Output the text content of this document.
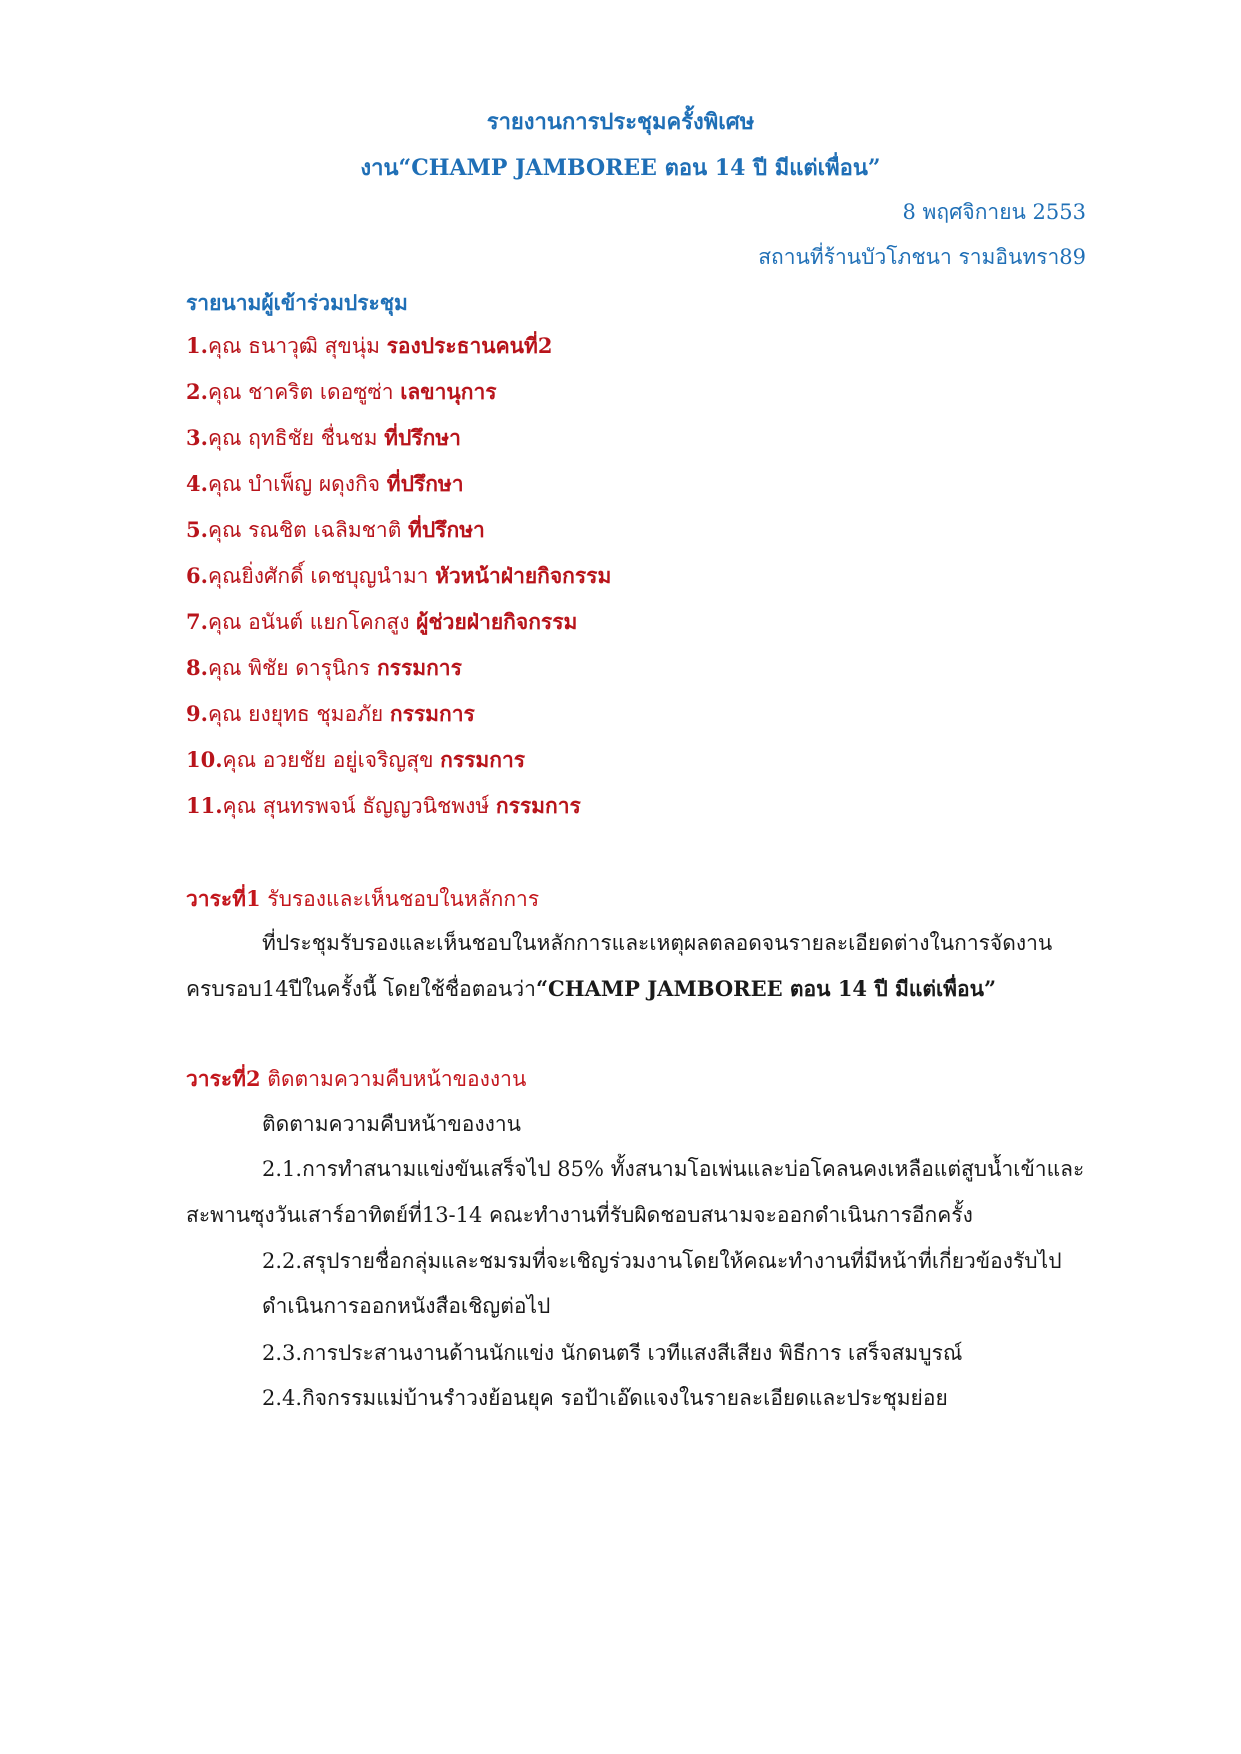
รายงานการประชุมครั้งพิเศษ
งาน“CHAMP JAMBOREE ตอน 14 ปี มีแต่เพื่อน”
8 พฤศจิกายน 2553
สถานที่ร้านบัวโภชนา รามอินทรา89
รายนามผู้เข้าร่วมประชุม
1.คุณ ธนาวุฒิ สุขนุ่ม รองประธานคนที่2
2.คุณ ชาคริต เดอซูซ่า เลขานุการ
3.คุณ ฤทธิชัย ชื่นชม ที่ปรึกษา
4.คุณ บำเพ็ญ ผดุงกิจ ที่ปรึกษา
5.คุณ รณชิต เฉลิมชาติ ที่ปรึกษา
6.คุณยิ่งศักดิ์ เดชบุญนำมา หัวหน้าฝ่ายกิจกรรม
7.คุณ อนันต์ แยกโคกสูง ผู้ช่วยฝ่ายกิจกรรม
8.คุณ พิชัย ดารุนิกร กรรมการ
9.คุณ ยงยุทธ ชุมอภัย กรรมการ
10.คุณ อวยชัย อยู่เจริญสุข กรรมการ
11.คุณ สุนทรพจน์ ธัญญวนิชพงษ์ กรรมการ
วาระที่1 รับรองและเห็นชอบในหลักการ
ที่ประชุมรับรองและเห็นชอบในหลักการและเหตุผลตลอดจนรายละเอียดต่างในการจัดงาน
ครบรอบ14ปีในครั้งนี้ โดยใช้ชื่อตอนว่า“CHAMP JAMBOREE ตอน 14 ปี มีแต่เพื่อน”
วาระที่2 ติดตามความคืบหน้าของงาน
ติดตามความคืบหน้าของงาน
2.1.การทำสนามแข่งขันเสร็จไป 85% ทั้งสนามโอเพ่นและบ่อโคลนคงเหลือแต่สูบน้ำเข้าและ
สะพานซุงวันเสาร์อาทิตย์ที่13-14 คณะทำงานที่รับผิดชอบสนามจะออกดำเนินการอีกครั้ง
2.2.สรุปรายชื่อกลุ่มและชมรมที่จะเชิญร่วมงานโดยให้คณะทำงานที่มีหน้าที่เกี่ยวข้องรับไป
ดำเนินการออกหนังสือเชิญต่อไป
2.3.การประสานงานด้านนักแข่ง นักดนตรี เวทีแสงสีเสียง พิธีการ เสร็จสมบูรณ์
2.4.กิจกรรมแม่บ้านรำวงย้อนยุค รอป้าเอ๊ดแจงในรายละเอียดและประชุมย่อย
